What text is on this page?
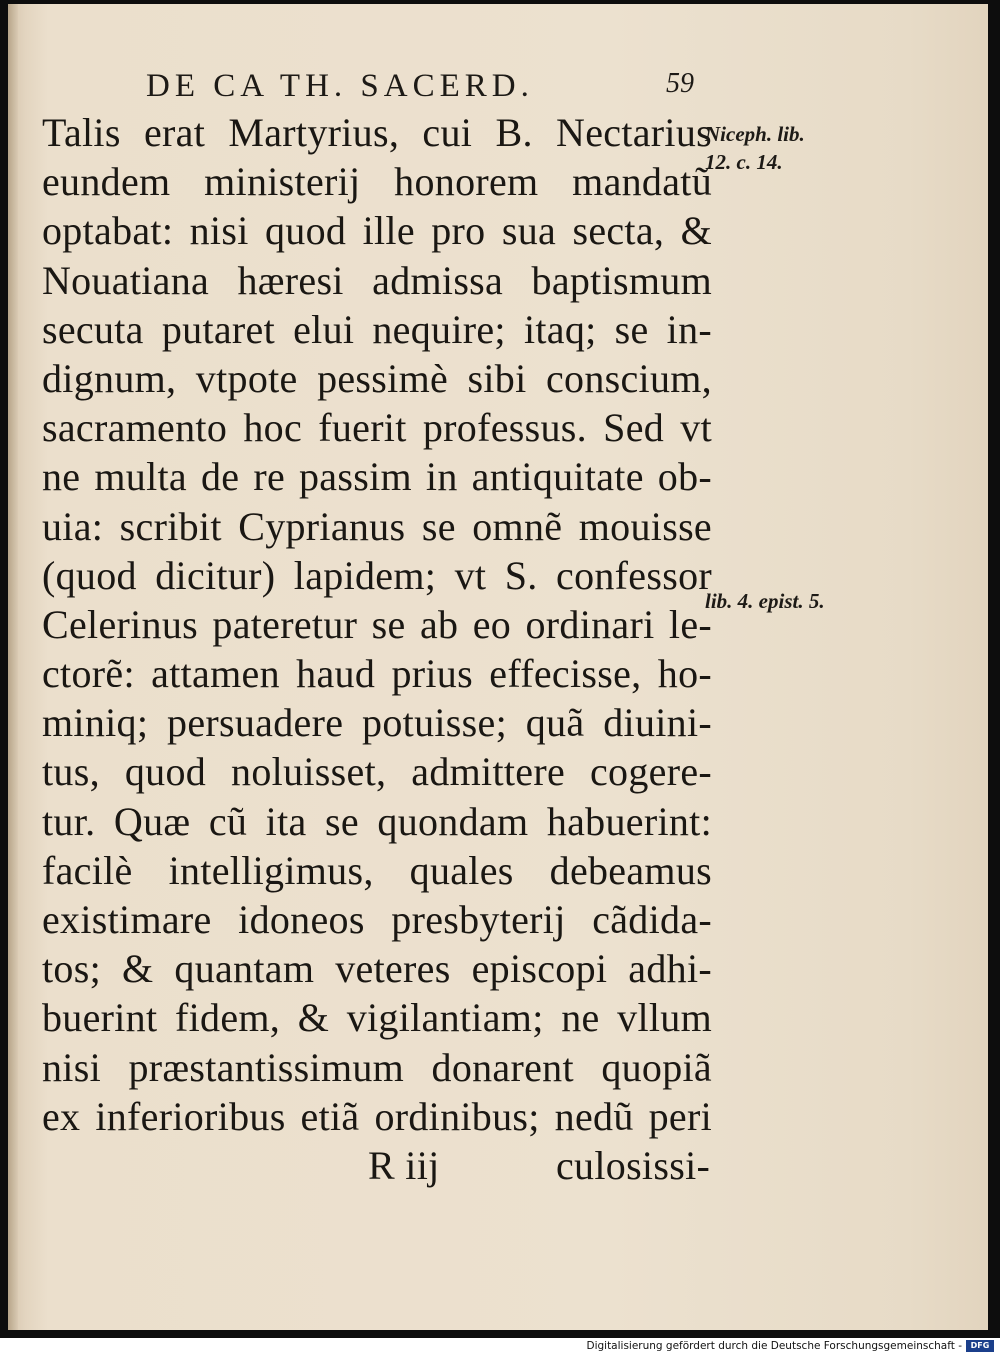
DE CA TH. SACERD.	59
Talis erat Martyrius, cui B. Nectarius
eundem ministerij honorem mandatũ
optabat: nisi quod ille pro sua secta, &
Nouatiana hæresi admissa baptismum
secuta putaret elui nequire; itaq; se in-
dignum, vtpote pessimè sibi conscium,
sacramento hoc fuerit professus. Sed vt
ne multa de re passim in antiquitate ob-
uia: scribit Cyprianus se omnẽ mouisse
(quod dicitur) lapidem; vt S. confessor
Celerinus pateretur se ab eo ordinari le-
ctorẽ: attamen haud prius effecisse, ho-
miniq; persuadere potuisse; quã diuini-
tus, quod noluisset, admittere cogere-
tur. Quæ cũ ita se quondam habuerint:
facilè intelligimus, quales debeamus
existimare idoneos presbyterij cãdida-
tos; & quantam veteres episcopi adhi-
buerint fidem, & vigilantiam; ne vllum
nisi præstantissimum donarent quopiã
ex inferioribus etiã ordinibus; nedũ peri
R iij	culosissi-
Niceph. lib. 12. c. 14.
lib. 4. epist. 5.
Digitalisierung gefördert durch die Deutsche Forschungsgemeinschaft -	DFG
